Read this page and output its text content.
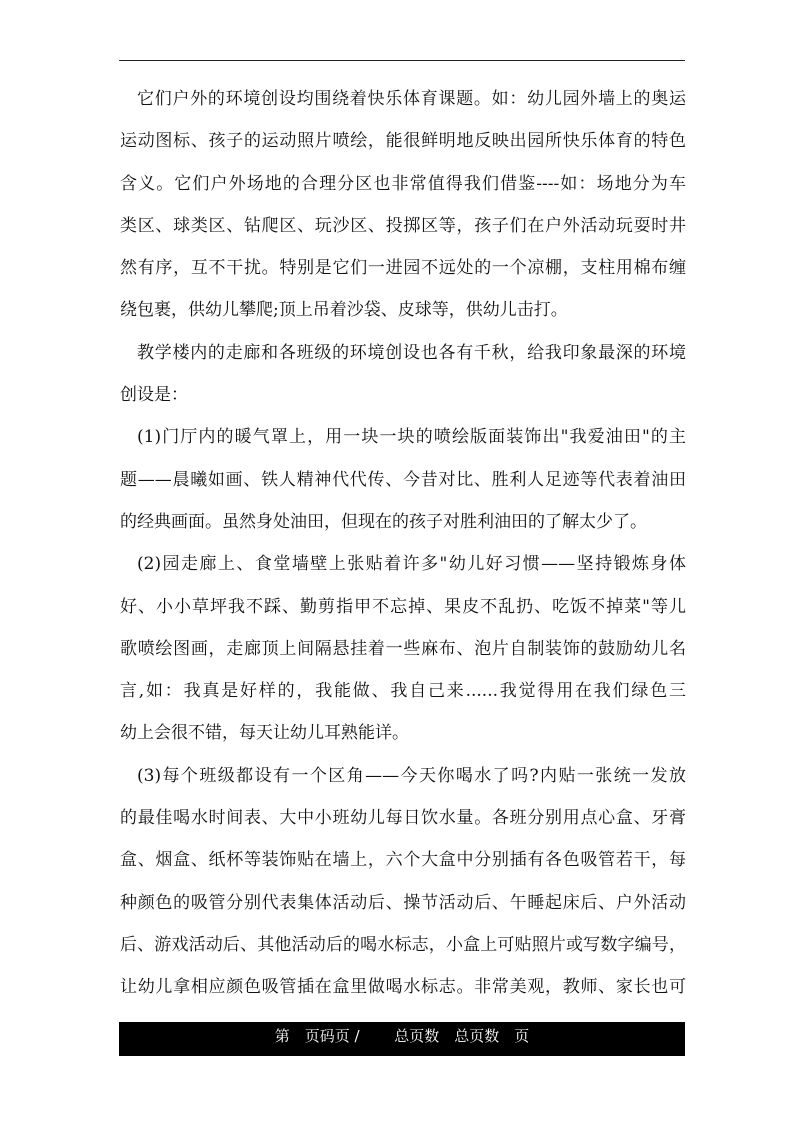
它们户外的环境创设均围绕着快乐体育课题。如：幼儿园外墙上的奥运
运动图标、孩子的运动照片喷绘，能很鲜明地反映出园所快乐体育的特色
含义。它们户外场地的合理分区也非常值得我们借鉴----如：场地分为车
类区、球类区、钻爬区、玩沙区、投掷区等，孩子们在户外活动玩耍时井
然有序，互不干扰。特别是它们一进园不远处的一个凉棚，支柱用棉布缠
绕包裹，供幼儿攀爬;顶上吊着沙袋、皮球等，供幼儿击打。
教学楼内的走廊和各班级的环境创设也各有千秋，给我印象最深的环境
创设是：
(1)门厅内的暖气罩上，用一块一块的喷绘版面装饰出"我爱油田"的主
题——晨曦如画、铁人精神代代传、今昔对比、胜利人足迹等代表着油田
的经典画面。虽然身处油田，但现在的孩子对胜利油田的了解太少了。
(2)园走廊上、食堂墙壁上张贴着许多"幼儿好习惯——坚持锻炼身体
好、小小草坪我不踩、勤剪指甲不忘掉、果皮不乱扔、吃饭不掉菜"等儿
歌喷绘图画，走廊顶上间隔悬挂着一些麻布、泡片自制装饰的鼓励幼儿名
言,如：我真是好样的，我能做、我自己来......我觉得用在我们绿色三
幼上会很不错，每天让幼儿耳熟能详。
(3)每个班级都设有一个区角——今天你喝水了吗?内贴一张统一发放
的最佳喝水时间表、大中小班幼儿每日饮水量。各班分别用点心盒、牙膏
盒、烟盒、纸杯等装饰贴在墙上，六个大盒中分别插有各色吸管若干，每
种颜色的吸管分别代表集体活动后、操节活动后、午睡起床后、户外活动
后、游戏活动后、其他活动后的喝水标志，小盒上可贴照片或写数字编号，
让幼儿拿相应颜色吸管插在盒里做喝水标志。非常美观，教师、家长也可
第　页码页 /　　 总页数　总页数　页
